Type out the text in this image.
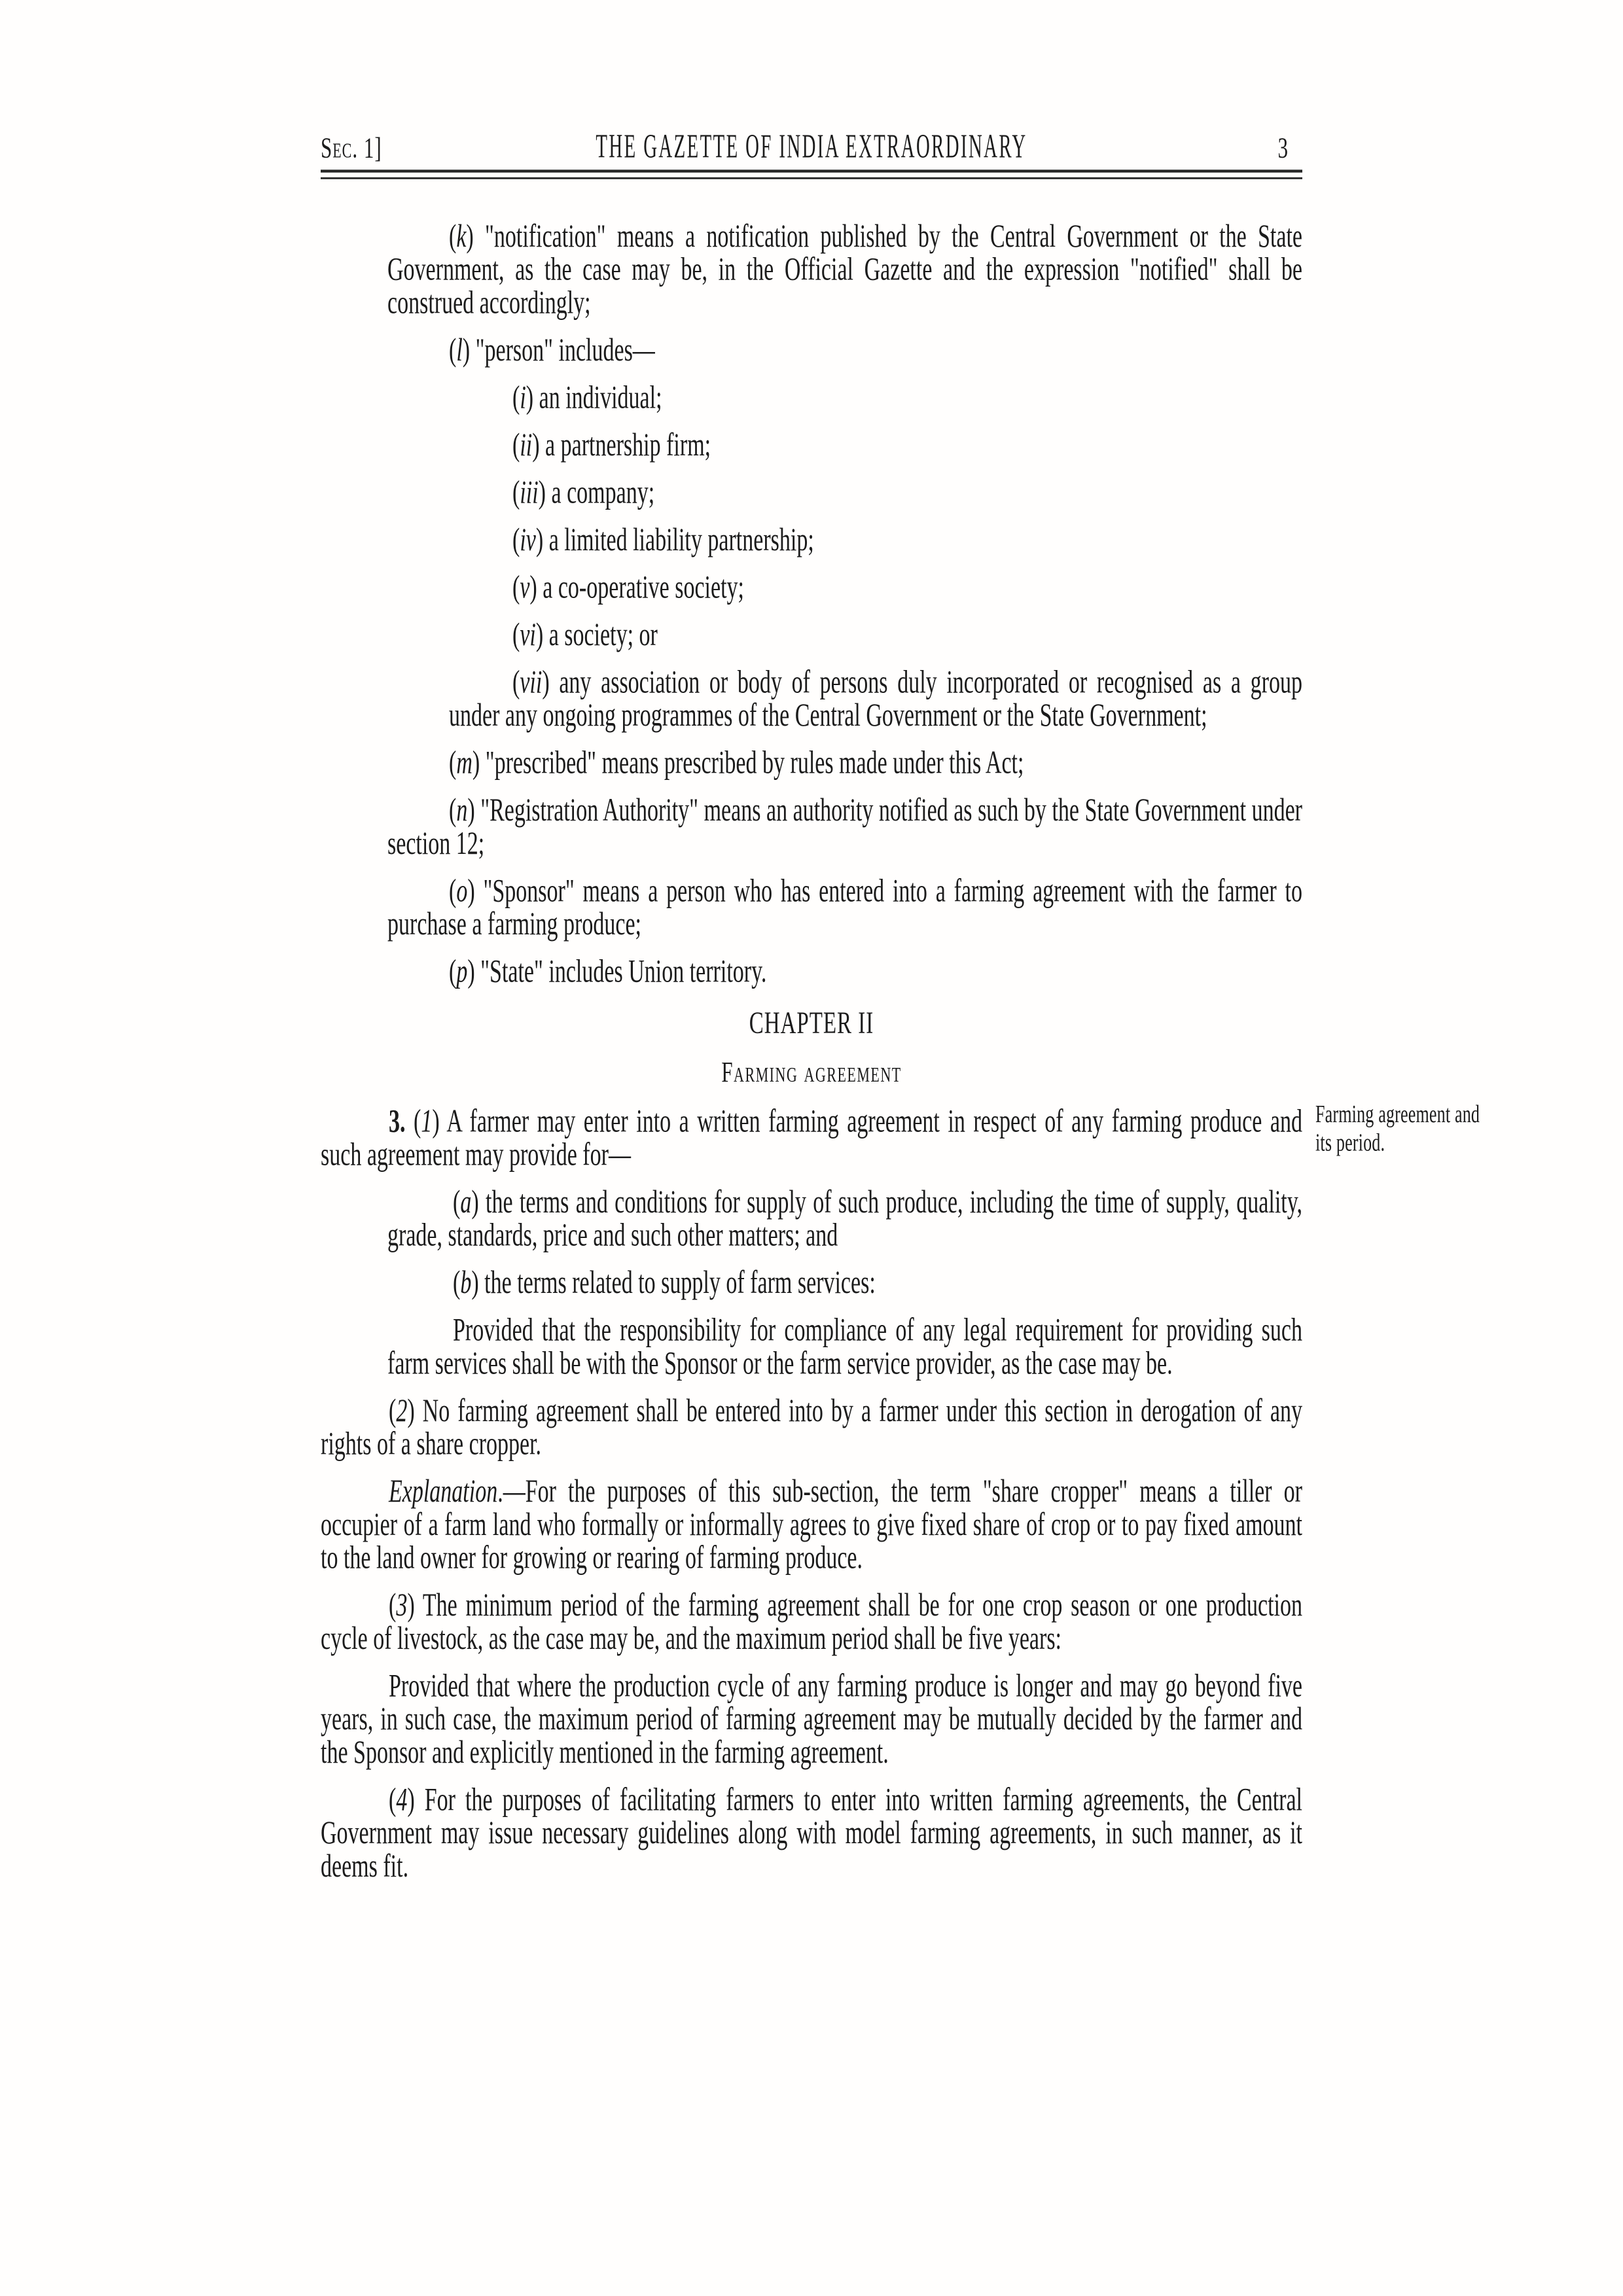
Sec. 1]	THE GAZETTE OF INDIA EXTRAORDINARY	3

(k) "notification" means a notification published by the Central Government or the State Government, as the case may be, in the Official Gazette and the expression "notified" shall be construed accordingly;

(l) "person" includes—

(i) an individual;

(ii) a partnership firm;

(iii) a company;

(iv) a limited liability partnership;

(v) a co-operative society;

(vi) a society; or

(vii) any association or body of persons duly incorporated or recognised as a group under any ongoing programmes of the Central Government or the State Government;

(m) "prescribed" means prescribed by rules made under this Act;

(n) "Registration Authority" means an authority notified as such by the State Government under section 12;

(o) "Sponsor" means a person who has entered into a farming agreement with the farmer to purchase a farming produce;

(p) "State" includes Union territory.

CHAPTER II

Farming agreement

3. (1) A farmer may enter into a written farming agreement in respect of any farming produce and such agreement may provide for—
Farming agreement and its period.

(a) the terms and conditions for supply of such produce, including the time of supply, quality, grade, standards, price and such other matters; and

(b) the terms related to supply of farm services:

Provided that the responsibility for compliance of any legal requirement for providing such farm services shall be with the Sponsor or the farm service provider, as the case may be.

(2) No farming agreement shall be entered into by a farmer under this section in derogation of any rights of a share cropper.

Explanation.—For the purposes of this sub-section, the term "share cropper" means a tiller or occupier of a farm land who formally or informally agrees to give fixed share of crop or to pay fixed amount to the land owner for growing or rearing of farming produce.

(3) The minimum period of the farming agreement shall be for one crop season or one production cycle of livestock, as the case may be, and the maximum period shall be five years:

Provided that where the production cycle of any farming produce is longer and may go beyond five years, in such case, the maximum period of farming agreement may be mutually decided by the farmer and the Sponsor and explicitly mentioned in the farming agreement.

(4) For the purposes of facilitating farmers to enter into written farming agreements, the Central Government may issue necessary guidelines along with model farming agreements, in such manner, as it deems fit.
